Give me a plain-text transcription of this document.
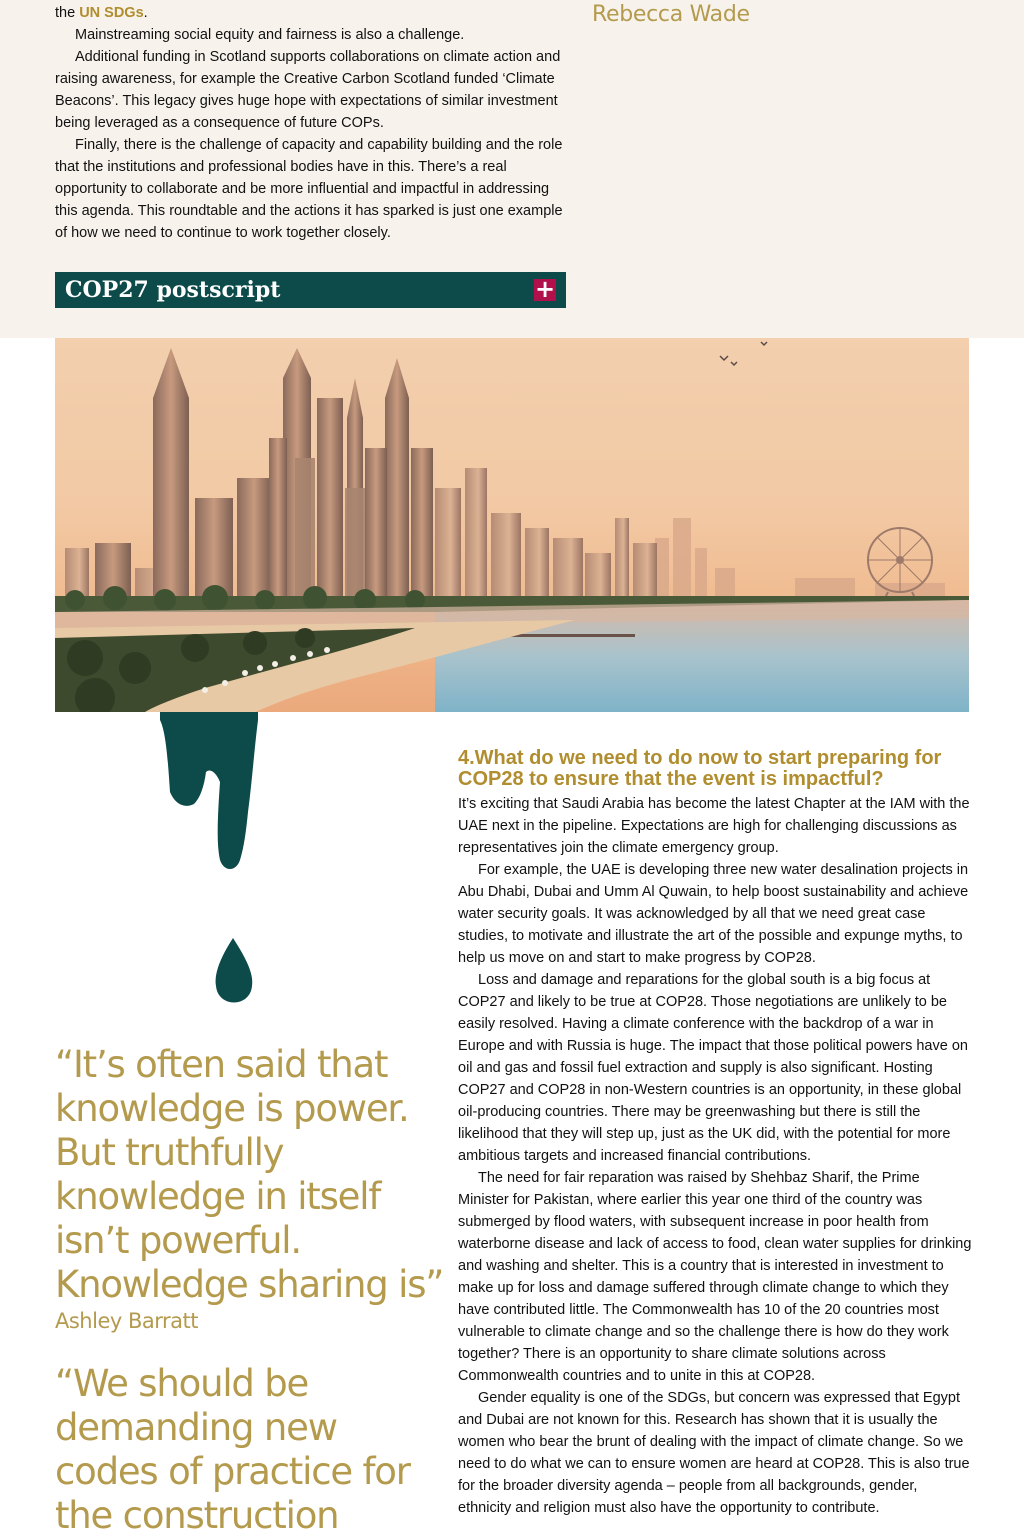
the UN SDGs.

Mainstreaming social equity and fairness is also a challenge.

Additional funding in Scotland supports collaborations on climate action and raising awareness, for example the Creative Carbon Scotland funded ‘Climate Beacons’. This legacy gives huge hope with expectations of similar investment being leveraged as a consequence of future COPs.

Finally, there is the challenge of capacity and capability building and the role that the institutions and professional bodies have in this. There’s a real opportunity to collaborate and be more influential and impactful in addressing this agenda. This roundtable and the actions it has sparked is just one example of how we need to continue to work together closely.

Rebecca Wade
COP27 postscript	+
“It’s often said that knowledge is power. But truthfully knowledge in itself isn’t powerful. Knowledge sharing is”
Ashley Barratt
“We should be demanding new codes of practice for the construction
4.What do we need to do now to start preparing for COP28 to ensure that the event is impactful?

It’s exciting that Saudi Arabia has become the latest Chapter at the IAM with the UAE next in the pipeline. Expectations are high for challenging discussions as representatives join the climate emergency group.

For example, the UAE is developing three new water desalination projects in Abu Dhabi, Dubai and Umm Al Quwain, to help boost sustainability and achieve water security goals. It was acknowledged by all that we need great case studies, to motivate and illustrate the art of the possible and expunge myths, to help us move on and start to make progress by COP28.

Loss and damage and reparations for the global south is a big focus at COP27 and likely to be true at COP28. Those negotiations are unlikely to be easily resolved. Having a climate conference with the backdrop of a war in Europe and with Russia is huge. The impact that those political powers have on oil and gas and fossil fuel extraction and supply is also significant. Hosting COP27 and COP28 in non-Western countries is an opportunity, in these global oil-producing countries. There may be greenwashing but there is still the likelihood that they will step up, just as the UK did, with the potential for more ambitious targets and increased financial contributions.

The need for fair reparation was raised by Shehbaz Sharif, the Prime Minister for Pakistan, where earlier this year one third of the country was submerged by flood waters, with subsequent increase in poor health from waterborne disease and lack of access to food, clean water supplies for drinking and washing and shelter. This is a country that is interested in investment to make up for loss and damage suffered through climate change to which they have contributed little. The Commonwealth has 10 of the 20 countries most vulnerable to climate change and so the challenge there is how do they work together? There is an opportunity to share climate solutions across Commonwealth countries and to unite in this at COP28.

Gender equality is one of the SDGs, but concern was expressed that Egypt and Dubai are not known for this. Research has shown that it is usually the women who bear the brunt of dealing with the impact of climate change. So we need to do what we can to ensure women are heard at COP28. This is also true for the broader diversity agenda – people from all backgrounds, gender, ethnicity and religion must also have the opportunity to contribute.
